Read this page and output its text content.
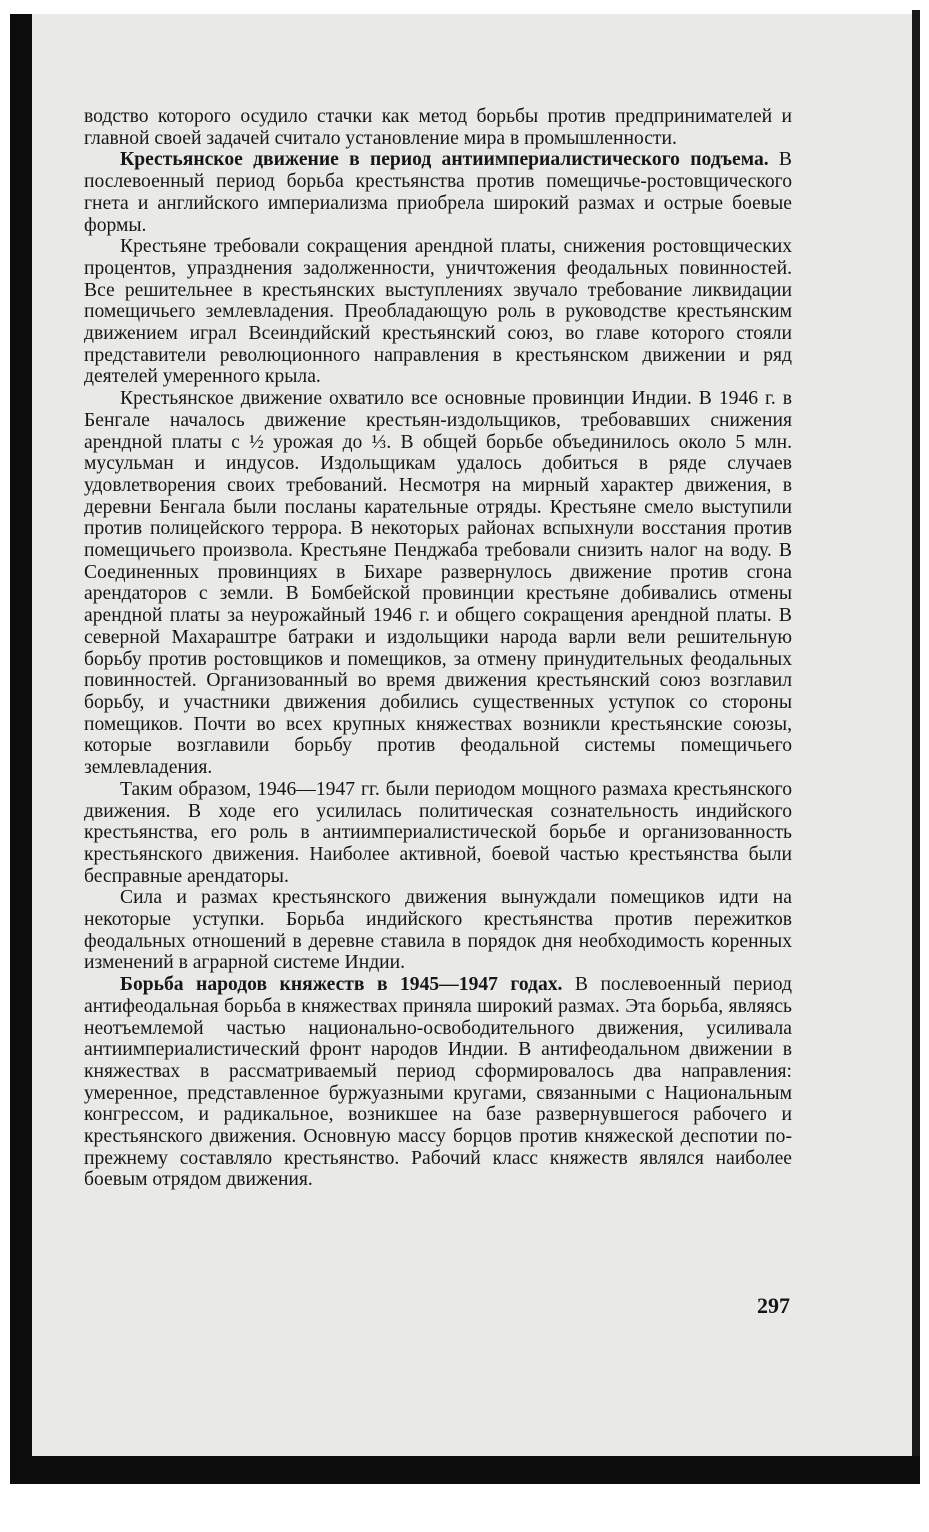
водство которого осудило стачки как метод борьбы против предпринимателей и главной своей задачей считало установление мира в промышленности.

Крестьянское движение в период антиимпериалистического подъема. В послевоенный период борьба крестьянства против помещичье-ростовщического гнета и английского империализма приобрела широкий размах и острые боевые формы.

Крестьяне требовали сокращения арендной платы, снижения ростовщических процентов, упразднения задолженности, уничтожения феодальных повинностей. Все решительнее в крестьянских выступлениях звучало требование ликвидации помещичьего землевладения. Преобладающую роль в руководстве крестьянским движением играл Всеиндийский крестьянский союз, во главе которого стояли представители революционного направления в крестьянском движении и ряд деятелей умеренного крыла.

Крестьянское движение охватило все основные провинции Индии. В 1946 г. в Бенгале началось движение крестьян-издольщиков, требовавших снижения арендной платы с ½ урожая до ⅓. В общей борьбе объединилось около 5 млн. мусульман и индусов. Издольщикам удалось добиться в ряде случаев удовлетворения своих требований. Несмотря на мирный характер движения, в деревни Бенгала были посланы карательные отряды. Крестьяне смело выступили против полицейского террора. В некоторых районах вспыхнули восстания против помещичьего произвола. Крестьяне Пенджаба требовали снизить налог на воду. В Соединенных провинциях в Бихаре развернулось движение против сгона арендаторов с земли. В Бомбейской провинции крестьяне добивались отмены арендной платы за неурожайный 1946 г. и общего сокращения арендной платы. В северной Махараштре батраки и издольщики народа варли вели решительную борьбу против ростовщиков и помещиков, за отмену принудительных феодальных повинностей. Организованный во время движения крестьянский союз возглавил борьбу, и участники движения добились существенных уступок со стороны помещиков. Почти во всех крупных княжествах возникли крестьянские союзы, которые возглавили борьбу против феодальной системы помещичьего землевладения.

Таким образом, 1946—1947 гг. были периодом мощного размаха крестьянского движения. В ходе его усилилась политическая сознательность индийского крестьянства, его роль в антиимпериалистической борьбе и организованность крестьянского движения. Наиболее активной, боевой частью крестьянства были бесправные арендаторы.

Сила и размах крестьянского движения вынуждали помещиков идти на некоторые уступки. Борьба индийского крестьянства против пережитков феодальных отношений в деревне ставила в порядок дня необходимость коренных изменений в аграрной системе Индии.

Борьба народов княжеств в 1945—1947 годах. В послевоенный период антифеодальная борьба в княжествах приняла широкий размах. Эта борьба, являясь неотъемлемой частью национально-освободительного движения, усиливала антиимпериалистический фронт народов Индии. В антифеодальном движении в княжествах в рассматриваемый период сформировалось два направления: умеренное, представленное буржуазными кругами, связанными с Национальным конгрессом, и радикальное, возникшее на базе развернувшегося рабочего и крестьянского движения. Основную массу борцов против княжеской деспотии по-прежнему составляло крестьянство. Рабочий класс княжеств являлся наиболее боевым отрядом движения.

297
